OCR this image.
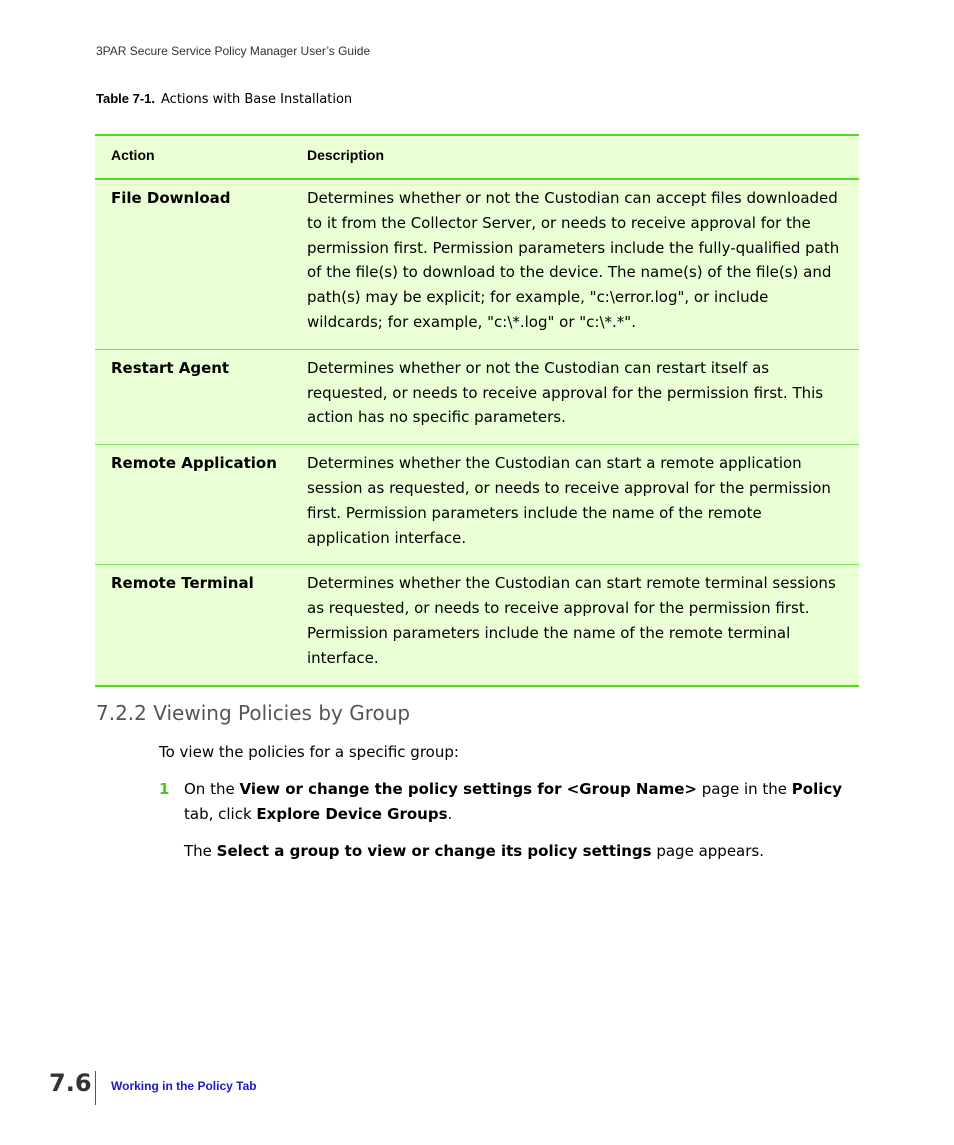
3PAR Secure Service Policy Manager User’s Guide
Table 7-1. Actions with Base Installation
Action	Description
File Download	Determines whether or not the Custodian can accept files downloaded to it from the Collector Server, or needs to receive approval for the permission first. Permission parameters include the fully-qualified path of the file(s) to download to the device. The name(s) of the file(s) and path(s) may be explicit; for example, "c:\error.log", or include wildcards; for example, "c:\*.log" or "c:\*.*".
Restart Agent	Determines whether or not the Custodian can restart itself as requested, or needs to receive approval for the permission first. This action has no specific parameters.
Remote Application	Determines whether the Custodian can start a remote application session as requested, or needs to receive approval for the permission first. Permission parameters include the name of the remote application interface.
Remote Terminal	Determines whether the Custodian can start remote terminal sessions as requested, or needs to receive approval for the permission first. Permission parameters include the name of the remote terminal interface.
7.2.2 Viewing Policies by Group
To view the policies for a specific group:
1 On the View or change the policy settings for <Group Name> page in the Policy tab, click Explore Device Groups.
The Select a group to view or change its policy settings page appears.
7.6 Working in the Policy Tab
